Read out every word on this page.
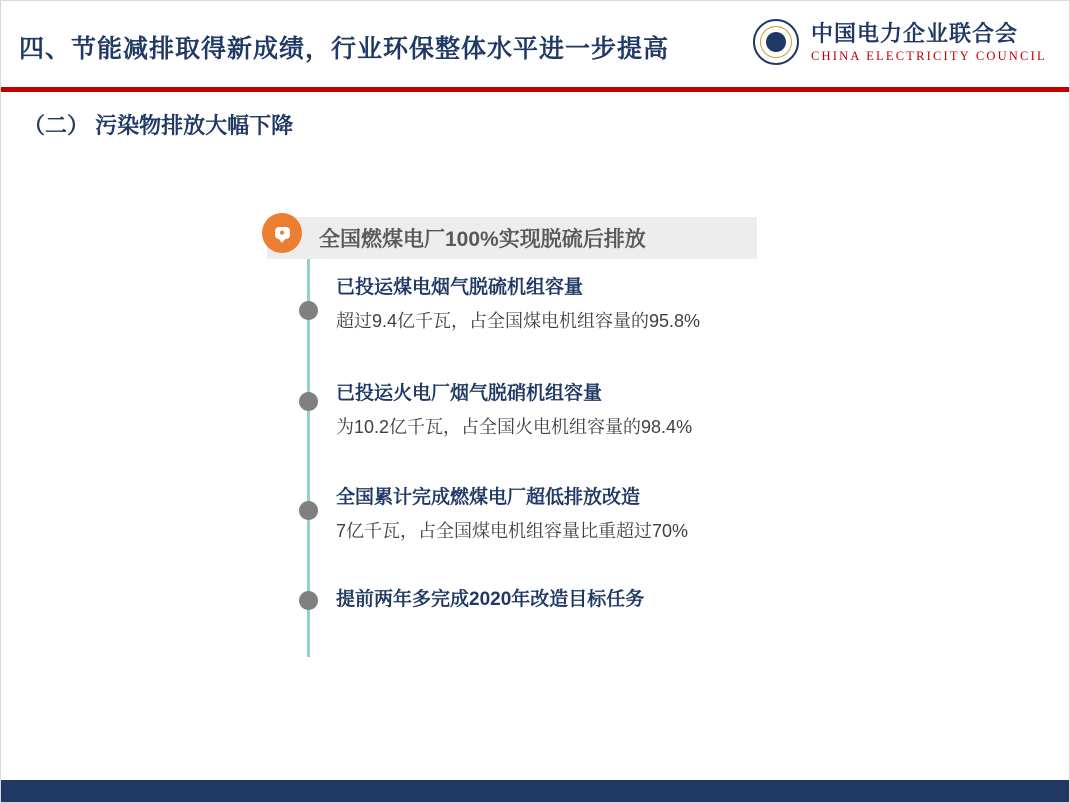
四、节能减排取得新成绩，行业环保整体水平进一步提高
中国电力企业联合会
CHINA ELECTRICITY COUNCIL
（二） 污染物排放大幅下降
全国燃煤电厂100%实现脱硫后排放
已投运煤电烟气脱硫机组容量
超过9.4亿千瓦，占全国煤电机组容量的95.8%
已投运火电厂烟气脱硝机组容量
为10.2亿千瓦，占全国火电机组容量的98.4%
全国累计完成燃煤电厂超低排放改造
7亿千瓦，占全国煤电机组容量比重超过70%
提前两年多完成2020年改造目标任务
